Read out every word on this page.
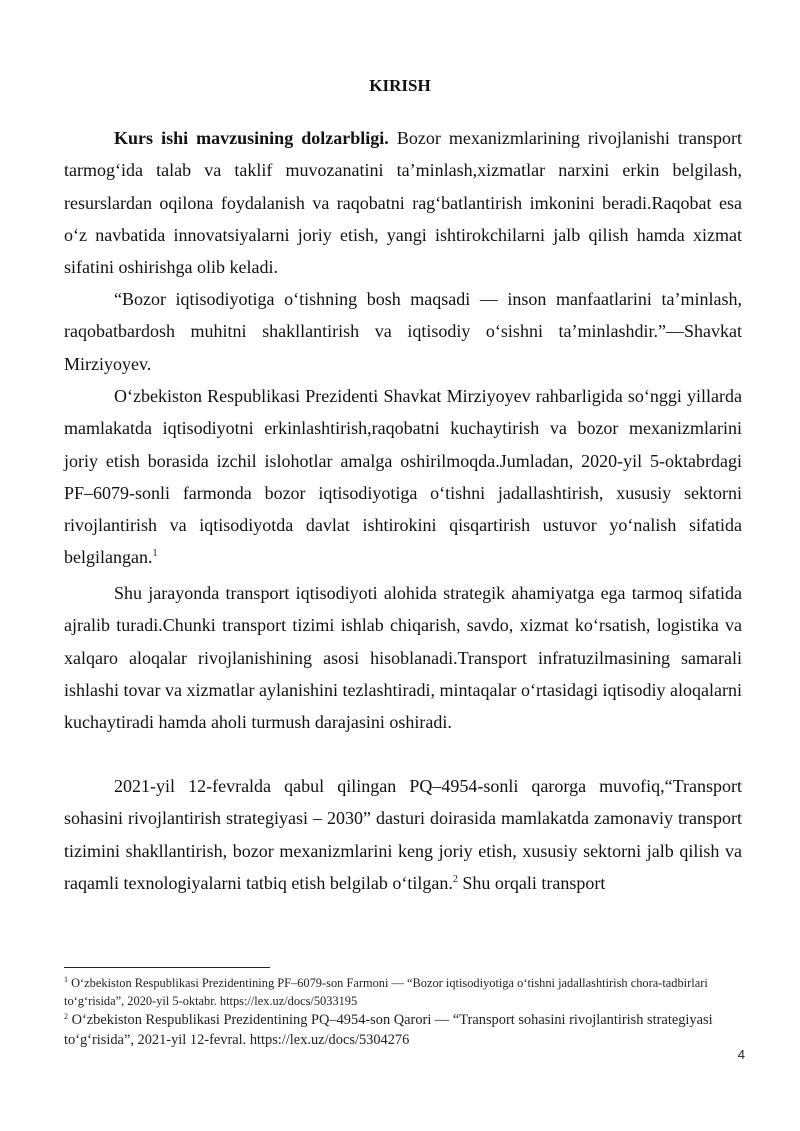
KIRISH

Kurs ishi mavzusining dolzarbligi. Bozor mexanizmlarining rivojlanishi transport tarmog‘ida talab va taklif muvozanatini ta’minlash,xizmatlar narxini erkin belgilash, resurslardan oqilona foydalanish va raqobatni rag‘batlantirish imkonini beradi.Raqobat esa o‘z navbatida innovatsiyalarni joriy etish, yangi ishtirokchilarni jalb qilish hamda xizmat sifatini oshirishga olib keladi.

“Bozor iqtisodiyotiga o‘tishning bosh maqsadi — inson manfaatlarini ta’minlash, raqobatbardosh muhitni shakllantirish va iqtisodiy o‘sishni ta’minlashdir.”—Shavkat Mirziyoyev.

O‘zbekiston Respublikasi Prezidenti Shavkat Mirziyoyev rahbarligida so‘nggi yillarda mamlakatda iqtisodiyotni erkinlashtirish,raqobatni kuchaytirish va bozor mexanizmlarini joriy etish borasida izchil islohotlar amalga oshirilmoqda.Jumladan, 2020-yil 5-oktabrdagi PF–6079-sonli farmonda bozor iqtisodiyotiga o‘tishni jadallashtirish, xususiy sektorni rivojlantirish va iqtisodiyotda davlat ishtirokini qisqartirish ustuvor yo‘nalish sifatida belgilangan.$^1$

Shu jarayonda transport iqtisodiyoti alohida strategik ahamiyatga ega tarmoq sifatida ajralib turadi.Chunki transport tizimi ishlab chiqarish, savdo, xizmat ko‘rsatish, logistika va xalqaro aloqalar rivojlanishining asosi hisoblanadi.Transport infratuzilmasining samarali ishlashi tovar va xizmatlar aylanishini tezlashtiradi, mintaqalar o‘rtasidagi iqtisodiy aloqalarni kuchaytiradi hamda aholi turmush darajasini oshiradi.

2021-yil 12-fevralda qabul qilingan PQ–4954-sonli qarorga muvofiq,“Transport sohasini rivojlantirish strategiyasi – 2030” dasturi doirasida mamlakatda zamonaviy transport tizimini shakllantirish, bozor mexanizmlarini keng joriy etish, xususiy sektorni jalb qilish va raqamli texnologiyalarni tatbiq etish belgilab o‘tilgan.$^2$ Shu orqali transport

$^1$ O‘zbekiston Respublikasi Prezidentining PF–6079-son Farmoni — “Bozor iqtisodiyotiga o‘tishni jadallashtirish chora-tadbirlari to‘g‘risida”, 2020-yil 5-oktabr. https://lex.uz/docs/5033195

$^2$ O‘zbekiston Respublikasi Prezidentining PQ–4954-son Qarori — “Transport sohasini rivojlantirish strategiyasi to‘g‘risida”, 2021-yil 12-fevral. https://lex.uz/docs/5304276

4
